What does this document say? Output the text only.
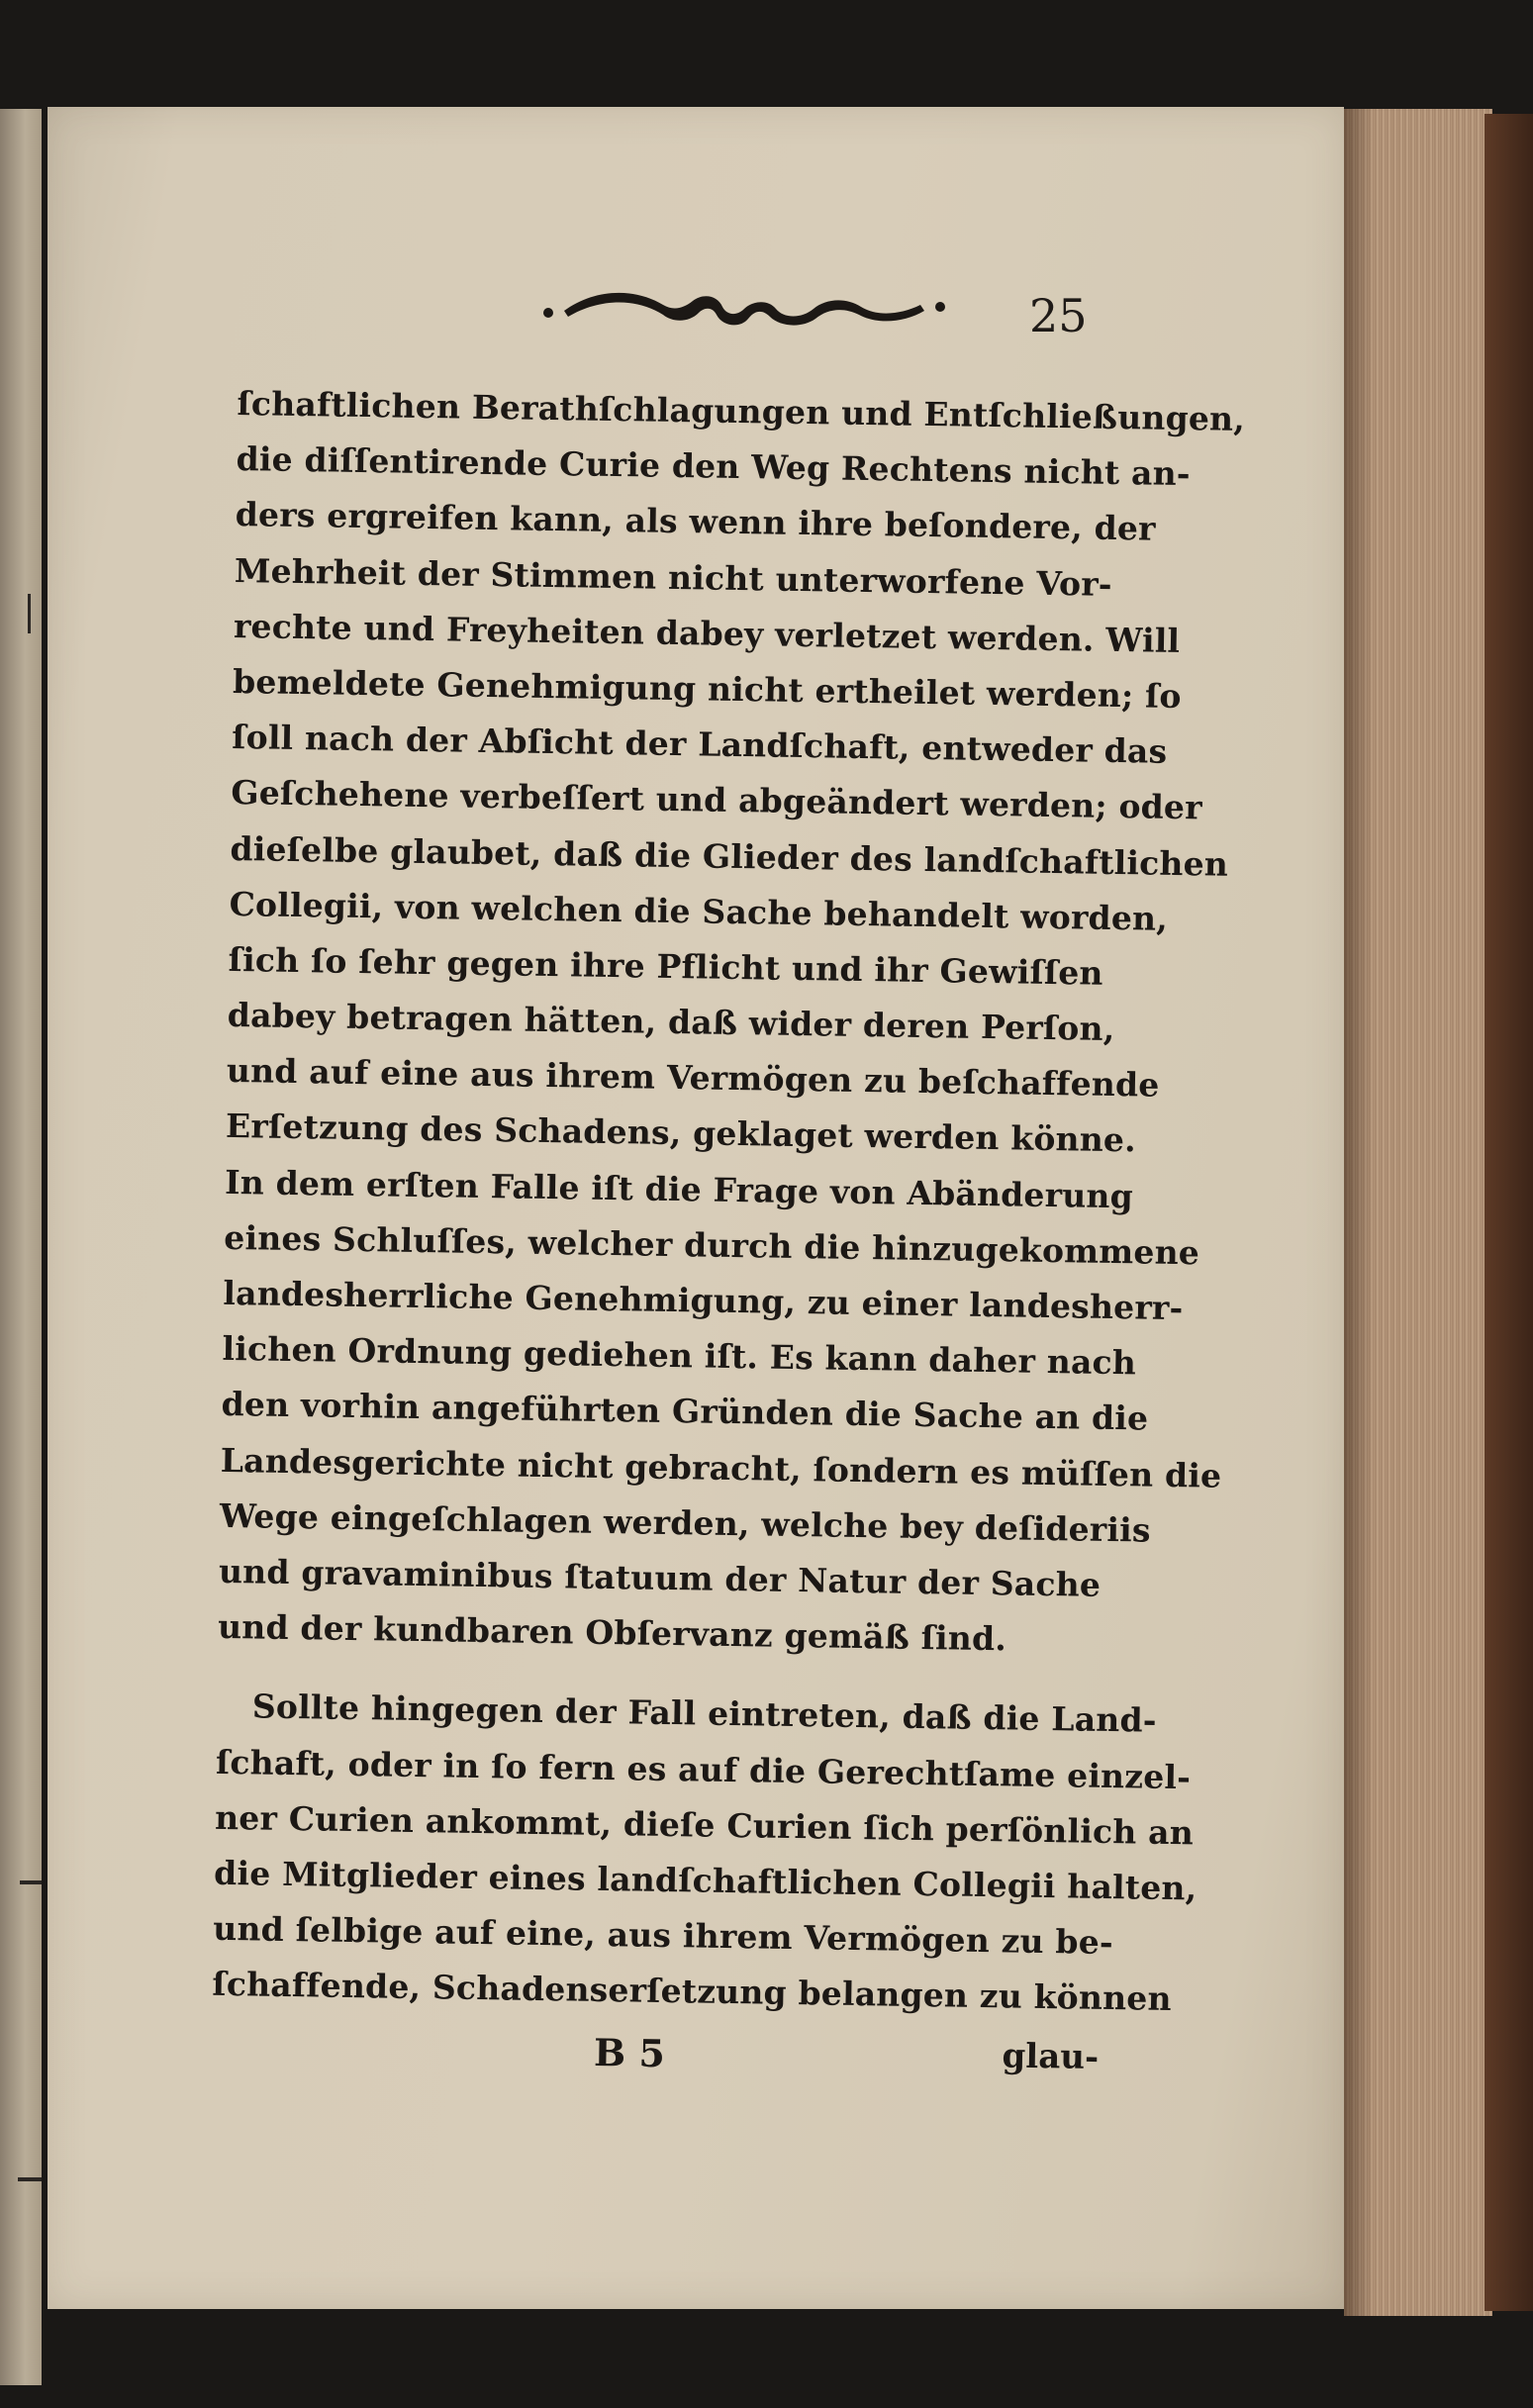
25
ſchaftlichen Berathſchlagungen und Entſchließungen,
die diſſentirende Curie den Weg Rechtens nicht an-
ders ergreifen kann, als wenn ihre beſondere, der
Mehrheit der Stimmen nicht unterworfene Vor-
rechte und Freyheiten dabey verletzet werden. Will
bemeldete Genehmigung nicht ertheilet werden; ſo
ſoll nach der Abſicht der Landſchaft, entweder das
Geſchehene verbeſſert und abgeändert werden; oder
dieſelbe glaubet, daß die Glieder des landſchaftlichen
Collegii, von welchen die Sache behandelt worden,
ſich ſo ſehr gegen ihre Pflicht und ihr Gewiſſen
dabey betragen hätten, daß wider deren Perſon,
und auf eine aus ihrem Vermögen zu beſchaffende
Erſetzung des Schadens, geklaget werden könne.
In dem erſten Falle iſt die Frage von Abänderung
eines Schluſſes, welcher durch die hinzugekommene
landesherrliche Genehmigung, zu einer landesherr-
lichen Ordnung gediehen iſt. Es kann daher nach
den vorhin angeführten Gründen die Sache an die
Landesgerichte nicht gebracht, ſondern es müſſen die
Wege eingeſchlagen werden, welche bey deſideriis
und gravaminibus ſtatuum der Natur der Sache
und der kundbaren Obſervanz gemäß ſind.
Sollte hingegen der Fall eintreten, daß die Land-
ſchaft, oder in ſo fern es auf die Gerechtſame einzel-
ner Curien ankommt, dieſe Curien ſich perſönlich an
die Mitglieder eines landſchaftlichen Collegii halten,
und ſelbige auf eine, aus ihrem Vermögen zu be-
ſchaffende, Schadenserſetzung belangen zu können
B 5	glau-
